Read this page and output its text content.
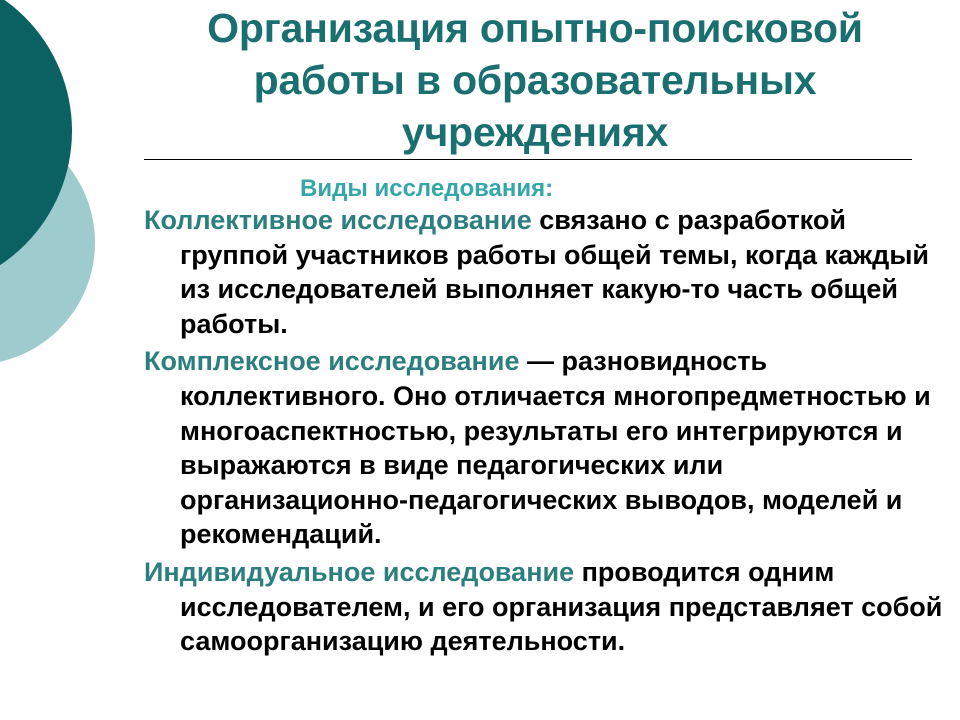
Организация опытно-поисковой
работы в образовательных
учреждениях

Виды исследования:

Коллективное исследование связано с разработкой группой участников работы общей темы, когда каждый из исследователей выполняет какую-то часть общей работы.

Комплексное исследование — разновидность коллективного. Оно отличается многопредметностью и многоаспектностью, результаты его интегрируются и выражаются в виде педагогических или организационно-педагогических выводов, моделей и рекомендаций.

Индивидуальное исследование проводится одним исследователем, и его организация представляет собой самоорганизацию деятельности.
